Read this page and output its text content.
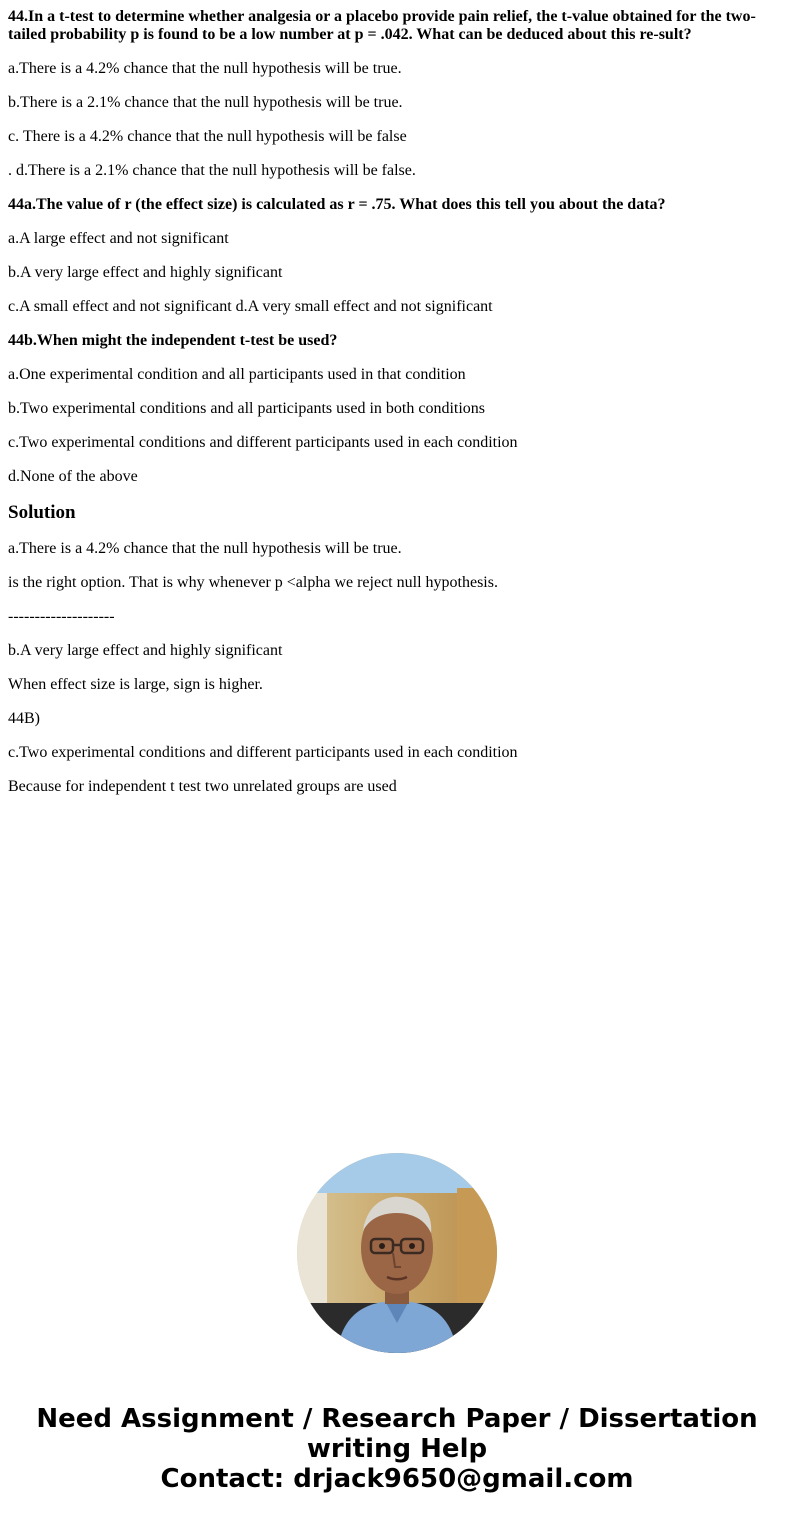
44.In a t-test to determine whether analgesia or a placebo provide pain relief, the t-value obtained for the two-tailed probability p is found to be a low number at p = .042. What can be deduced about this re-sult?

a.There is a 4.2% chance that the null hypothesis will be true.

b.There is a 2.1% chance that the null hypothesis will be true.

c. There is a 4.2% chance that the null hypothesis will be false

. d.There is a 2.1% chance that the null hypothesis will be false.

44a.The value of r (the effect size) is calculated as r = .75. What does this tell you about the data?

a.A large effect and not significant

b.A very large effect and highly significant

c.A small effect and not significant d.A very small effect and not significant

44b.When might the independent t-test be used?

a.One experimental condition and all participants used in that condition

b.Two experimental conditions and all participants used in both conditions

c.Two experimental conditions and different participants used in each condition

d.None of the above

Solution

a.There is a 4.2% chance that the null hypothesis will be true.

is the right option. That is why whenever p <alpha we reject null hypothesis.

--------------------

b.A very large effect and highly significant

When effect size is large, sign is higher.

44B)

c.Two experimental conditions and different participants used in each condition

Because for independent t test two unrelated groups are used

Need Assignment / Research Paper / Dissertation
writing Help
Contact: drjack9650@gmail.com
